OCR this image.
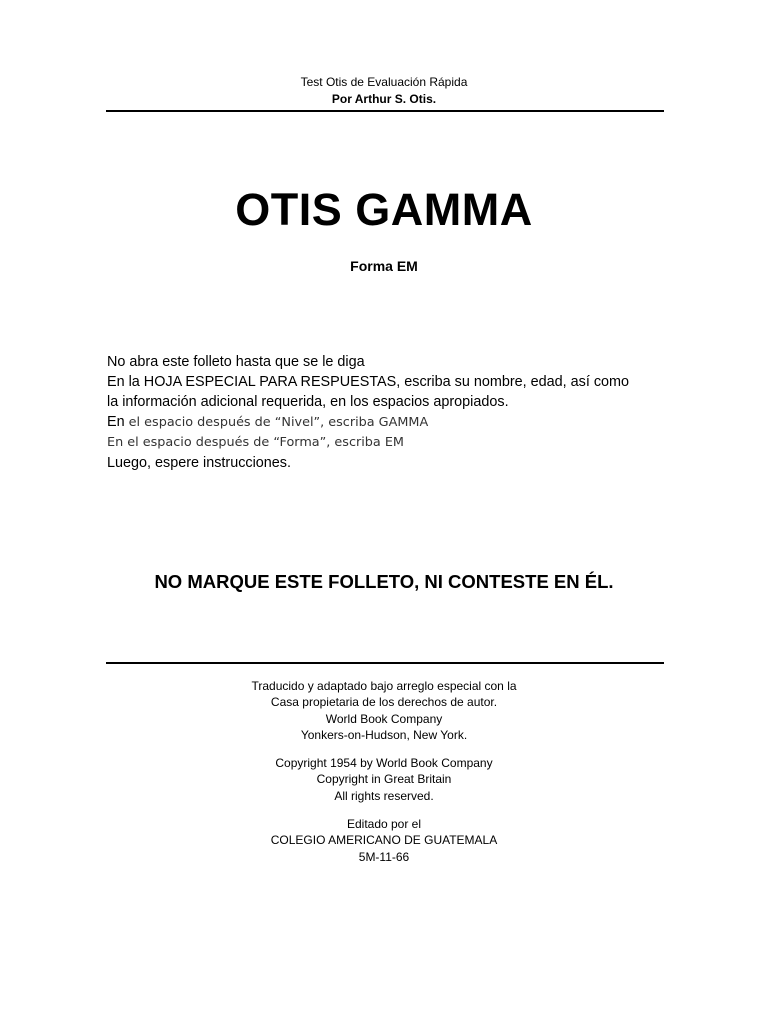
Test Otis de Evaluación Rápida
Por Arthur S. Otis.
OTIS GAMMA
Forma EM
No abra este folleto hasta que se le diga
En la HOJA ESPECIAL PARA RESPUESTAS, escriba su nombre, edad, así como
la información adicional requerida, en los espacios apropiados.
En el espacio después de “Nivel”, escriba GAMMA
En el espacio después de “Forma”, escriba EM
Luego, espere instrucciones.
NO MARQUE ESTE FOLLETO, NI CONTESTE EN ÉL.
Traducido y adaptado bajo arreglo especial con la
Casa propietaria de los derechos de autor.
World Book Company
Yonkers-on-Hudson, New York.
Copyright 1954 by World Book Company
Copyright in Great Britain
All rights reserved.
Editado por el
COLEGIO AMERICANO DE GUATEMALA
5M-11-66
